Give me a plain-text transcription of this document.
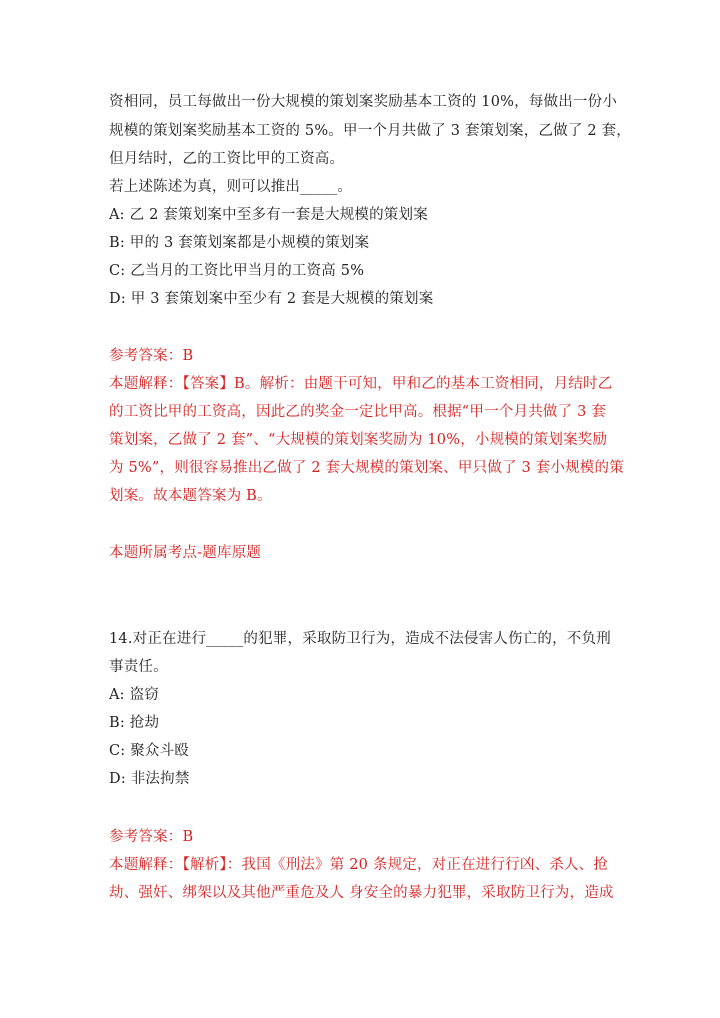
资相同，员工每做出一份大规模的策划案奖励基本工资的 10%，每做出一份小
规模的策划案奖励基本工资的 5%。甲一个月共做了 3 套策划案，乙做了 2 套，
但月结时，乙的工资比甲的工资高。
若上述陈述为真，则可以推出_____。
A: 乙 2 套策划案中至多有一套是大规模的策划案
B: 甲的 3 套策划案都是小规模的策划案
C: 乙当月的工资比甲当月的工资高 5%
D: 甲 3 套策划案中至少有 2 套是大规模的策划案
参考答案：B
本题解释：【答案】B。解析：由题干可知，甲和乙的基本工资相同，月结时乙
的工资比甲的工资高，因此乙的奖金一定比甲高。根据“甲一个月共做了 3 套
策划案，乙做了 2 套”、“大规模的策划案奖励为 10%，小规模的策划案奖励
为 5%”，则很容易推出乙做了 2 套大规模的策划案、甲只做了 3 套小规模的策
划案。故本题答案为 B。
本题所属考点-题库原题
14.对正在进行_____的犯罪，采取防卫行为，造成不法侵害人伤亡的，不负刑
事责任。
A: 盗窃
B: 抢劫
C: 聚众斗殴
D: 非法拘禁
参考答案：B
本题解释：【解析】：我国《刑法》第 20 条规定，对正在进行行凶、杀人、抢
劫、强奸、绑架以及其他严重危及人 身安全的暴力犯罪，采取防卫行为，造成
